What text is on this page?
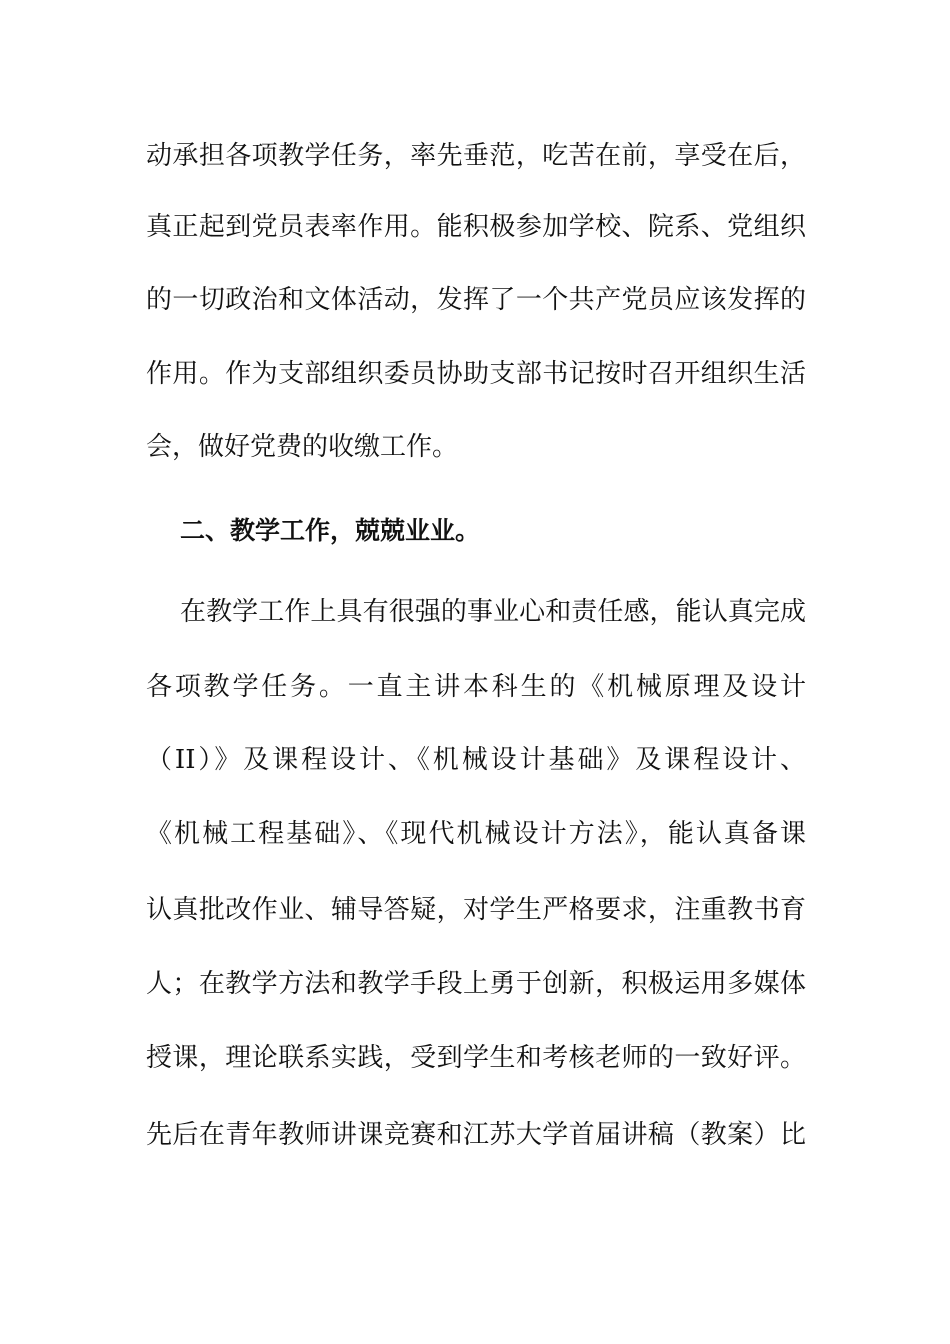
动承担各项教学任务，率先垂范，吃苦在前，享受在后，
真正起到党员表率作用。能积极参加学校、院系、党组织
的一切政治和文体活动，发挥了一个共产党员应该发挥的
作用。作为支部组织委员协助支部书记按时召开组织生活
会，做好党费的收缴工作。
二、教学工作，兢兢业业。
在教学工作上具有很强的事业心和责任感，能认真完成
各项教学任务。一直主讲本科生的《机械原理及设计
（II）》及课程设计、《机械设计基础》及课程设计、
《机械工程基础》、《现代机械设计方法》，能认真备课
认真批改作业、辅导答疑，对学生严格要求，注重教书育
人；在教学方法和教学手段上勇于创新，积极运用多媒体
授课，理论联系实践，受到学生和考核老师的一致好评。
先后在青年教师讲课竞赛和江苏大学首届讲稿（教案）比
